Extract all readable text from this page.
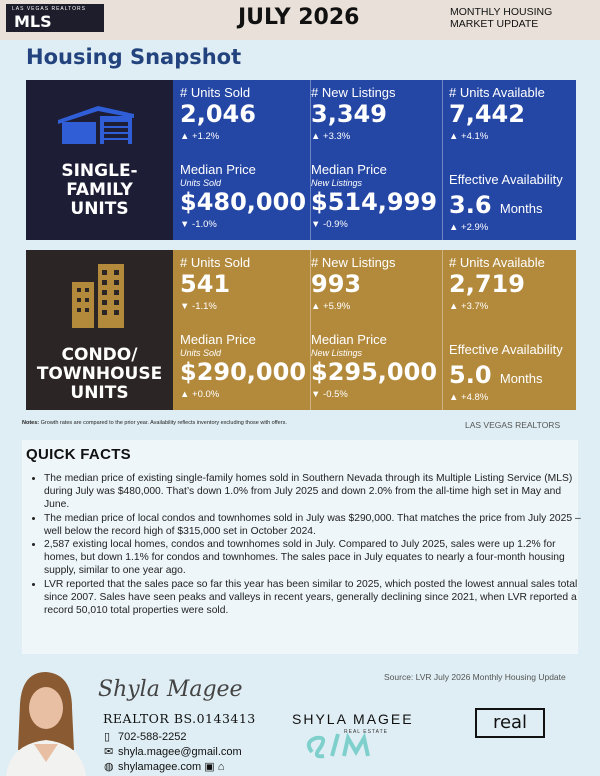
LAS VEGAS REALTORS
MLS	JULY 2026	MONTHLY HOUSING
MARKET UPDATE
Housing Snapshot
SINGLE-
FAMILY
UNITS
# Units Sold
2,046
▲ +1.2%
# New Listings
3,349
▲ +3.3%
# Units Available
7,442
▲ +4.1%
Median Price
Units Sold
$480,000
▼ -1.0%
Median Price
New Listings
$514,999
▼ -0.9%
Effective Availability
3.6 Months
▲ +2.9%
CONDO/
TOWNHOUSE
UNITS
# Units Sold
541
▼ -1.1%
# New Listings
993
▲ +5.9%
# Units Available
2,719
▲ +3.7%
Median Price
Units Sold
$290,000
▲ +0.0%
Median Price
New Listings
$295,000
▼ -0.5%
Effective Availability
5.0 Months
▲ +4.8%
Notes: Growth rates are compared to the prior year. Availability reflects inventory excluding those with offers.	LAS VEGAS REALTORS
QUICK FACTS
• The median price of existing single-family homes sold in Southern Nevada through its Multiple Listing Service (MLS) during July was $480,000. That’s down 1.0% from July 2025 and down 2.0% from the all-time high set in May and June.
• The median price of local condos and townhomes sold in July was $290,000. That matches the price from July 2025 – well below the record high of $315,000 set in October 2024.
• 2,587 existing local homes, condos and townhomes sold in July. Compared to July 2025, sales were up 1.2% for homes, but down 1.1% for condos and townhomes. The sales pace in July equates to nearly a four-month housing supply, similar to one year ago.
• LVR reported that the sales pace so far this year has been similar to 2025, which posted the lowest annual sales total since 2007. Sales have seen peaks and valleys in recent years, generally declining since 2021, when LVR reported a record 50,010 total properties were sold.
Source: LVR July 2026 Monthly Housing Update
Shyla Magee
REALTOR BS.0143413
▯ 702-588-2252
✉ shyla.magee@gmail.com
◍ shylamagee.com ▣ ⌂
SHYLA MAGEE
REAL ESTATE	real
